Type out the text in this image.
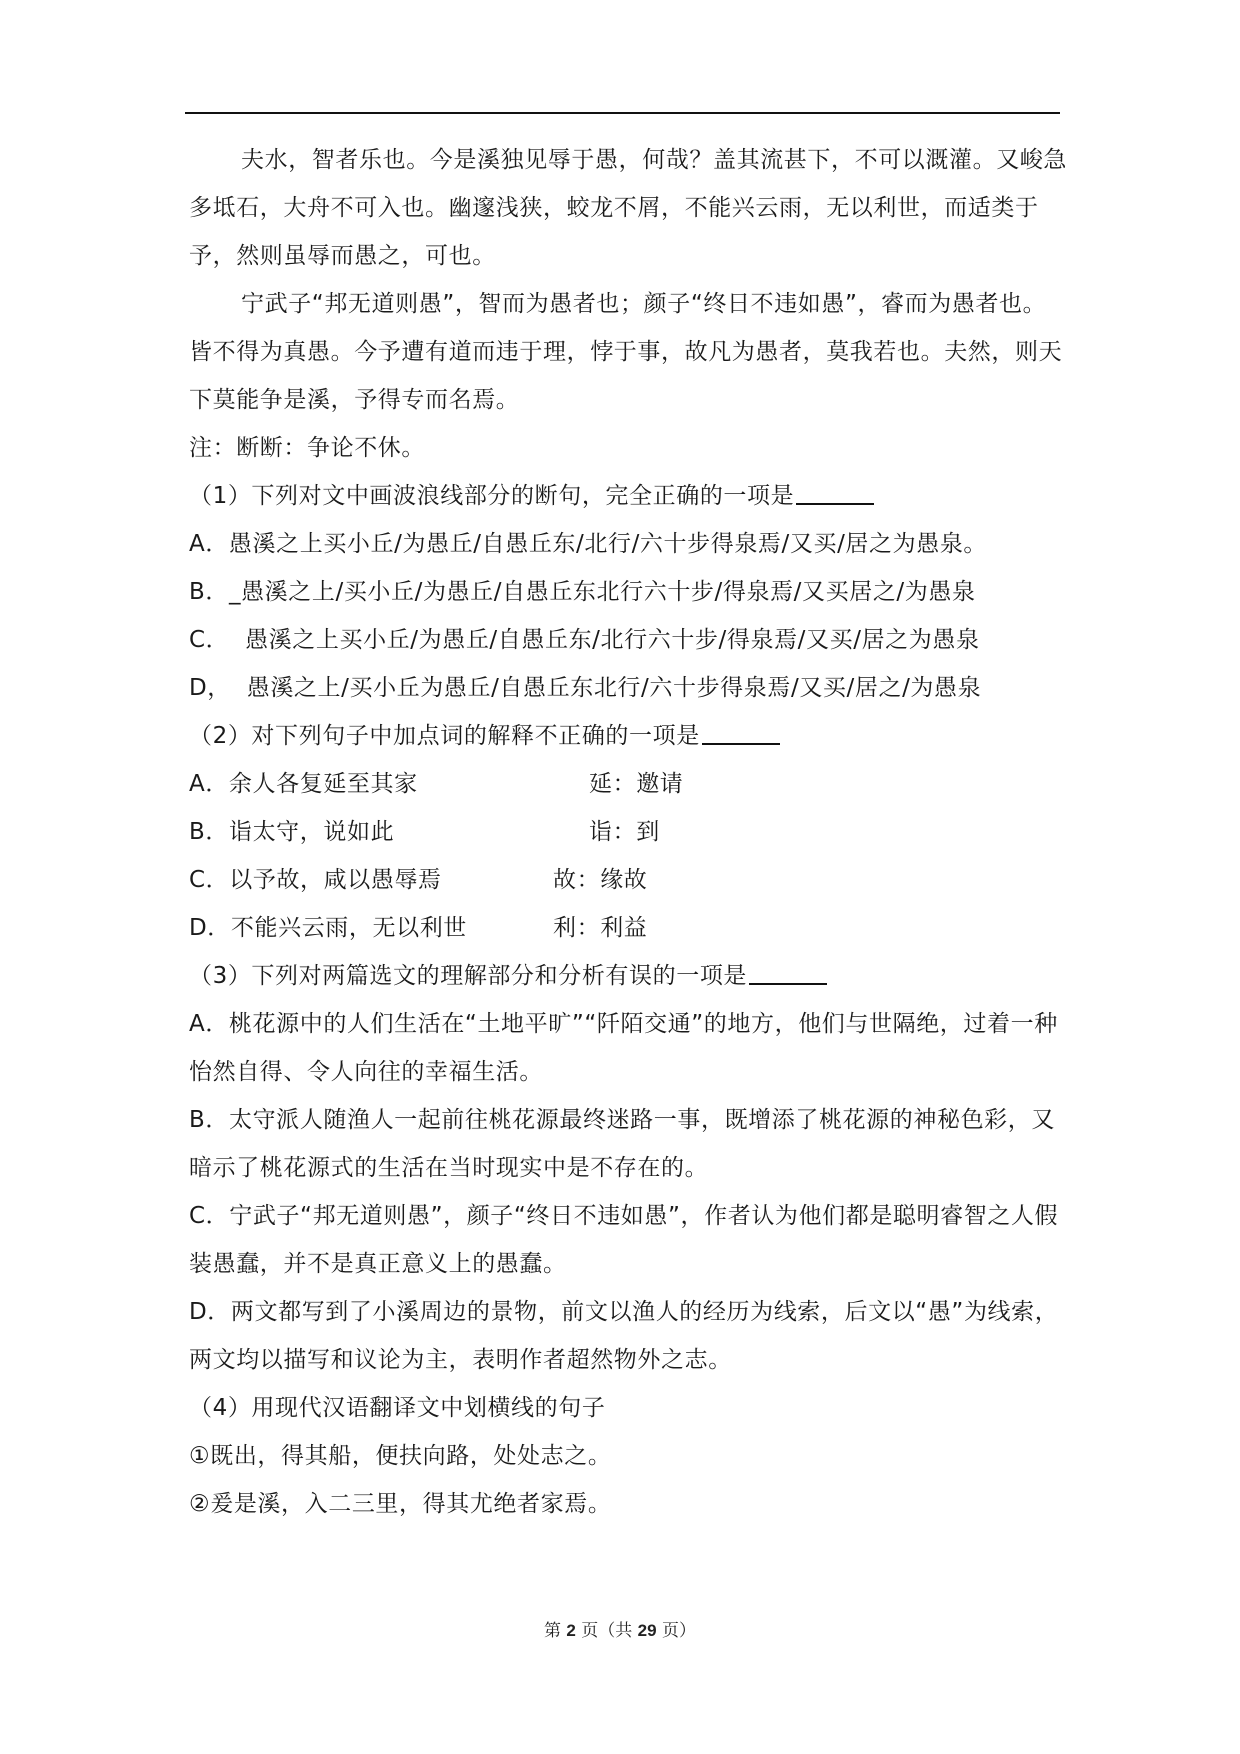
夫水，智者乐也。今是溪独见辱于愚，何哉？盖其流甚下，不可以溉灌。又峻急多坻石，大舟不可入也。幽邃浅狭，蛟龙不屑，不能兴云雨，无以利世，而适类于予，然则虽辱而愚之，可也。

宁武子“邦无道则愚”，智而为愚者也；颜子“终日不违如愚”，睿而为愚者也。皆不得为真愚。今予遭有道而违于理，悖于事，故凡为愚者，莫我若也。夫然，则天下莫能争是溪，予得专而名焉。

注：断断：争论不休。
（1）下列对文中画波浪线部分的断句，完全正确的一项是
A．愚溪之上买小丘/为愚丘/自愚丘东/北行/六十步得泉焉/又买/居之为愚泉。
B．_愚溪之上/买小丘/为愚丘/自愚丘东北行六十步/得泉焉/又买居之/为愚泉
C．  愚溪之上买小丘/为愚丘/自愚丘东/北行六十步/得泉焉/又买/居之为愚泉
D，  愚溪之上/买小丘为愚丘/自愚丘东北行/六十步得泉焉/又买/居之/为愚泉
（2）对下列句子中加点词的解释不正确的一项是
A．余人各复延至其家	延：邀请
B．诣太守，说如此	诣：到
C．以予故，咸以愚辱焉	故：缘故
D．不能兴云雨，无以利世	利：利益
（3）下列对两篇选文的理解部分和分析有误的一项是

A．桃花源中的人们生活在“土地平旷”“阡陌交通”的地方，他们与世隔绝，过着一种怡然自得、令人向往的幸福生活。

B．太守派人随渔人一起前往桃花源最终迷路一事，既增添了桃花源的神秘色彩，又暗示了桃花源式的生活在当时现实中是不存在的。

C．宁武子“邦无道则愚”，颜子“终日不违如愚”，作者认为他们都是聪明睿智之人假装愚蠢，并不是真正意义上的愚蠢。

D．两文都写到了小溪周边的景物，前文以渔人的经历为线索，后文以“愚”为线索，两文均以描写和议论为主，表明作者超然物外之志。

（4）用现代汉语翻译文中划横线的句子
①既出，得其船，便扶向路，处处志之。
②爰是溪，入二三里，得其尤绝者家焉。
第 2 页（共 29 页）
